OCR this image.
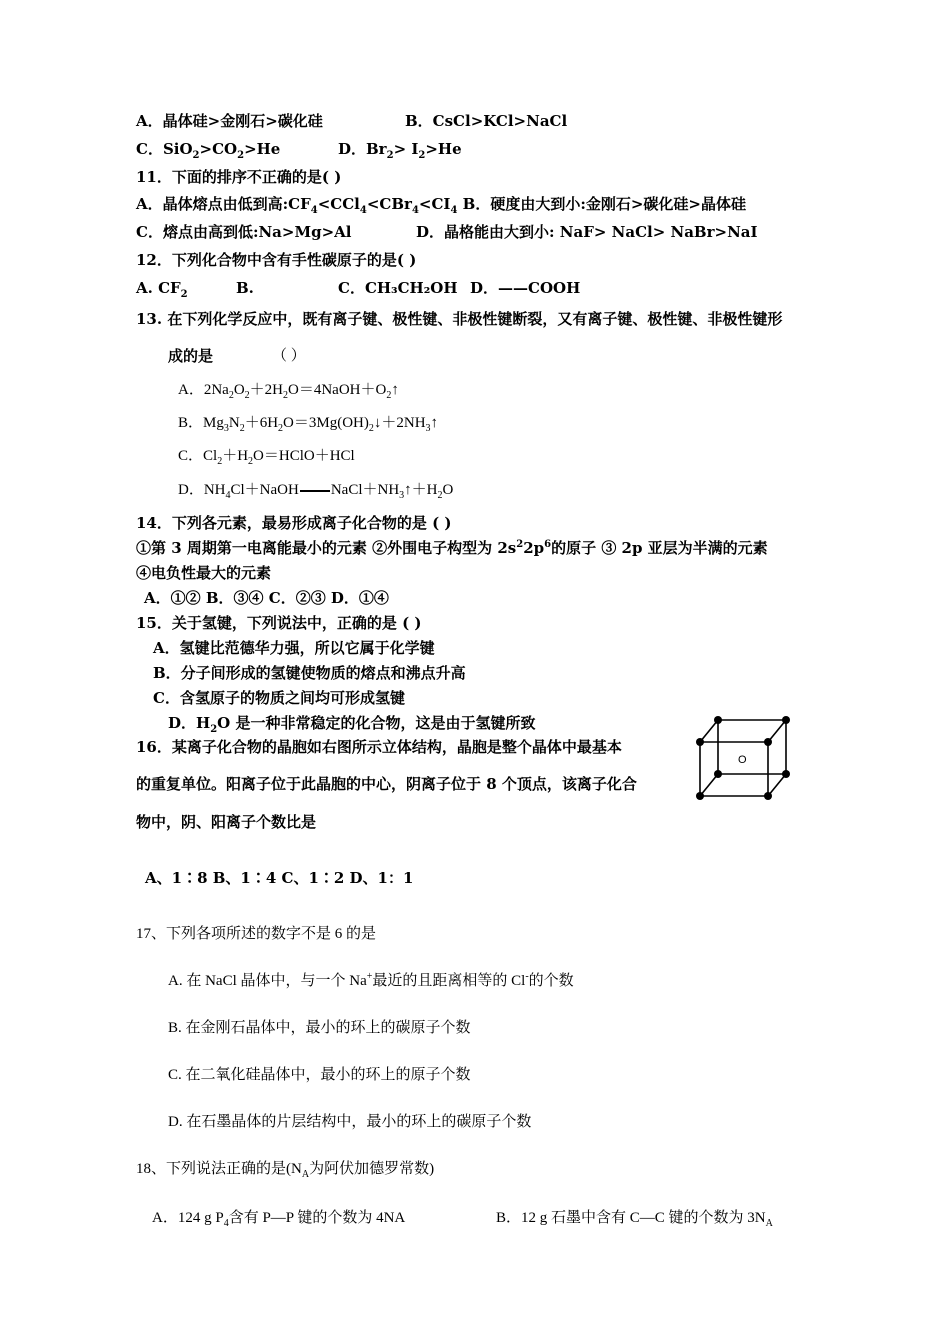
A．晶体硅>金刚石>碳化硅	B．CsCl>KCl>NaCl
C．$SiO_2>CO_2>He$	D．$Br_2> I_2>He$
11．下面的排序不正确的是( )
A．晶体熔点由低到高$:CF_4<CCl_4<CBr_4<CI_4$ B．硬度由大到小:金刚石>碳化硅>晶体硅
C．熔点由高到低:Na>Mg>Al	D．晶格能由大到小: NaF> NaCl> NaBr>NaI
12．下列化合物中含有手性碳原子的是( )
A. $CF_2$	B.	C．CH₃CH₂OH D．——COOH
13. 在下列化学反应中，既有离子键、极性键、非极性键断裂，又有离子键、极性键、非极性键形
成的是	（ ）
A．$2Na_2O_2+2H_2O=4NaOH+O_2↑$
B．$Mg_3N_2+6H_2O=3Mg(OH)_2↓+2NH_3↑$
C．$Cl_2+H_2O=HClO+HCl$
D．$NH_4Cl+NaOH$ $NaCl+NH_3↑+H_2O$
14．下列各元素，最易形成离子化合物的是 ( )
①第 3 周期第一电离能最小的元素 ②外围电子构型为 $2s^22p^6$的原子 ③ 2p 亚层为半满的元素
④电负性最大的元素
A．①② B．③④ C．②③ D．①④
15．关于氢键，下列说法中，正确的是 ( )
A．氢键比范德华力强，所以它属于化学键
B．分子间形成的氢键使物质的熔点和沸点升高
C．含氢原子的物质之间均可形成氢键
D．$H_2O$ 是一种非常稳定的化合物，这是由于氢键所致
16．某离子化合物的晶胞如右图所示立体结构，晶胞是整个晶体中最基本
的重复单位。阳离子位于此晶胞的中心，阴离子位于 8 个顶点，该离子化合
物中，阴、阳离子个数比是
A、1∶8 B、1∶4 C、1∶2 D、1：1
O
17、下列各项所述的数字不是 6 的是
A. 在 NaCl 晶体中，与一个 Na+最近的且距离相等的 Cl-的个数
B. 在金刚石晶体中，最小的环上的碳原子个数
C. 在二氧化硅晶体中，最小的环上的原子个数
D. 在石墨晶体的片层结构中，最小的环上的碳原子个数
18、下列说法正确的是($N_A$为阿伏加德罗常数)
A．124 g $P_4$含有 P—P 键的个数为 4NA	B．12 g 石墨中含有 C—C 键的个数为 $3N_A$
